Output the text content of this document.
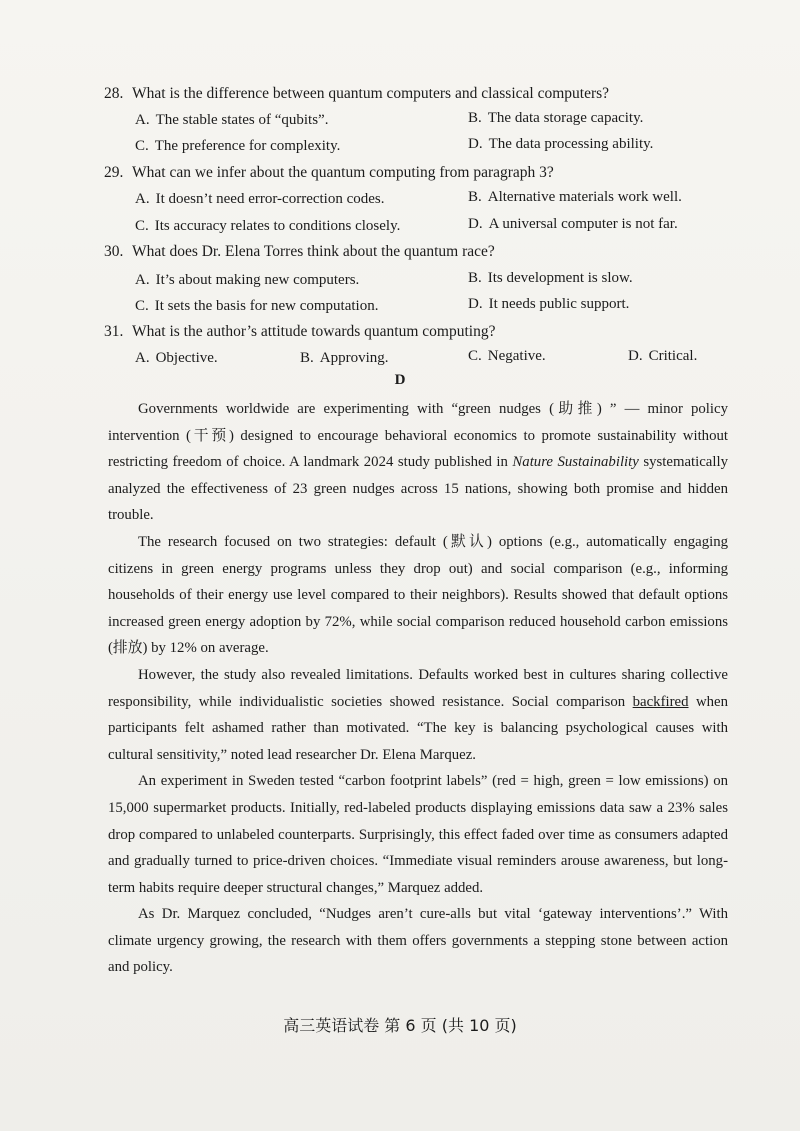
28. What is the difference between quantum computers and classical computers?
A. The stable states of “qubits”.	B. The data storage capacity.
C. The preference for complexity.	D. The data processing ability.
29. What can we infer about the quantum computing from paragraph 3?
A. It doesn’t need error-correction codes.	B. Alternative materials work well.
C. Its accuracy relates to conditions closely.	D. A universal computer is not far.
30. What does Dr. Elena Torres think about the quantum race?
A. It’s about making new computers.	B. Its development is slow.
C. It sets the basis for new computation.	D. It needs public support.
31. What is the author’s attitude towards quantum computing?
A. Objective.	B. Approving.	C. Negative.	D. Critical.
D

Governments worldwide are experimenting with “green nudges (助推) ” — minor policy intervention (干预) designed to encourage behavioral economics to promote sustainability without restricting freedom of choice. A landmark 2024 study published in Nature Sustainability systematically analyzed the effectiveness of 23 green nudges across 15 nations, showing both promise and hidden trouble.

The research focused on two strategies: default (默认) options (e.g., automatically engaging citizens in green energy programs unless they drop out) and social comparison (e.g., informing households of their energy use level compared to their neighbors). Results showed that default options increased green energy adoption by 72%, while social comparison reduced household carbon emissions (排放) by 12% on average.

However, the study also revealed limitations. Defaults worked best in cultures sharing collective responsibility, while individualistic societies showed resistance. Social comparison backfired when participants felt ashamed rather than motivated. “The key is balancing psychological causes with cultural sensitivity,” noted lead researcher Dr. Elena Marquez.

An experiment in Sweden tested “carbon footprint labels” (red = high, green = low emissions) on 15,000 supermarket products. Initially, red-labeled products displaying emissions data saw a 23% sales drop compared to unlabeled counterparts. Surprisingly, this effect faded over time as consumers adapted and gradually turned to price-driven choices. “Immediate visual reminders arouse awareness, but long-term habits require deeper structural changes,” Marquez added.

As Dr. Marquez concluded, “Nudges aren’t cure-alls but vital ‘gateway interventions’.” With climate urgency growing, the research with them offers governments a stepping stone between action and policy.

高三英语试卷 第 6 页 (共 10 页)
